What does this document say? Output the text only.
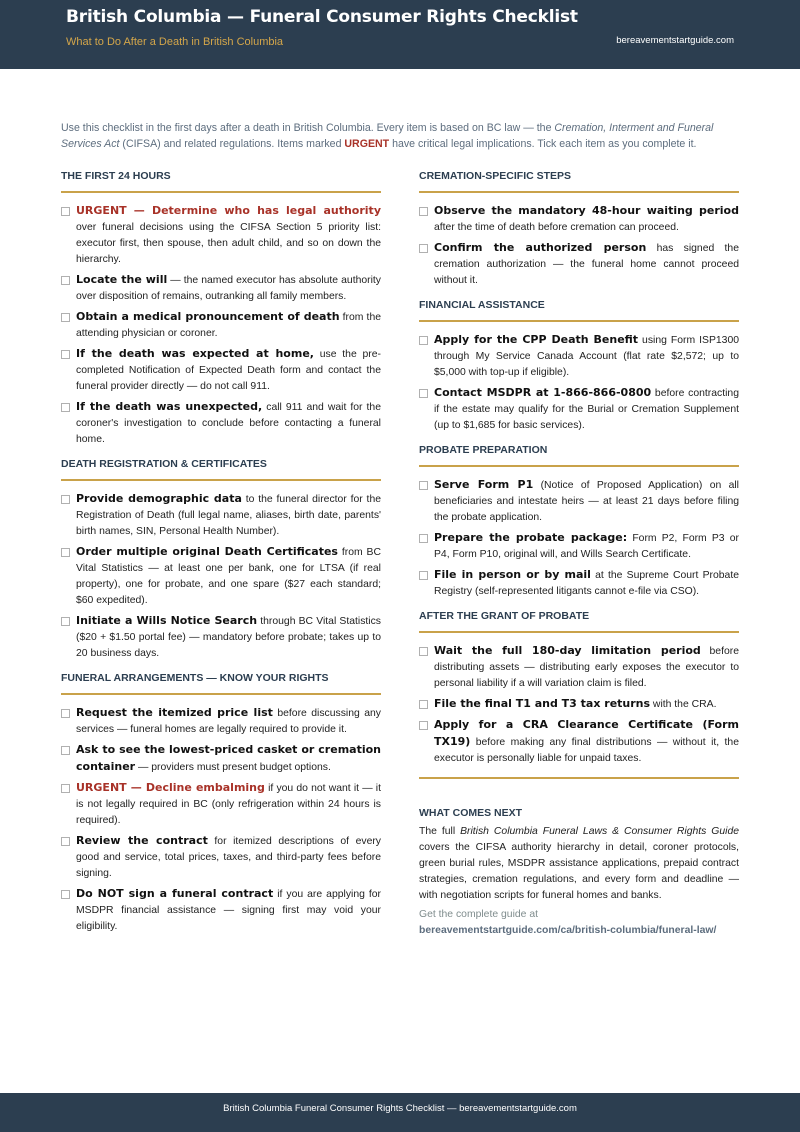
British Columbia — Funeral Consumer Rights Checklist
What to Do After a Death in British Columbia	bereavementstartguide.com
Use this checklist in the first days after a death in British Columbia. Every item is based on BC law — the Cremation, Interment and Funeral Services Act (CIFSA) and related regulations. Items marked URGENT have critical legal implications. Tick each item as you complete it.
THE FIRST 24 HOURS
URGENT — Determine who has legal authority over funeral decisions using the CIFSA Section 5 priority list: executor first, then spouse, then adult child, and so on down the hierarchy.
Locate the will — the named executor has absolute authority over disposition of remains, outranking all family members.
Obtain a medical pronouncement of death from the attending physician or coroner.
If the death was expected at home, use the pre-completed Notification of Expected Death form and contact the funeral provider directly — do not call 911.
If the death was unexpected, call 911 and wait for the coroner's investigation to conclude before contacting a funeral home.
DEATH REGISTRATION & CERTIFICATES
Provide demographic data to the funeral director for the Registration of Death (full legal name, aliases, birth date, parents' birth names, SIN, Personal Health Number).
Order multiple original Death Certificates from BC Vital Statistics — at least one per bank, one for LTSA (if real property), one for probate, and one spare ($27 each standard; $60 expedited).
Initiate a Wills Notice Search through BC Vital Statistics ($20 + $1.50 portal fee) — mandatory before probate; takes up to 20 business days.
FUNERAL ARRANGEMENTS — KNOW YOUR RIGHTS
Request the itemized price list before discussing any services — funeral homes are legally required to provide it.
Ask to see the lowest-priced casket or cremation container — providers must present budget options.
URGENT — Decline embalming if you do not want it — it is not legally required in BC (only refrigeration within 24 hours is required).
Review the contract for itemized descriptions of every good and service, total prices, taxes, and third-party fees before signing.
Do NOT sign a funeral contract if you are applying for MSDPR financial assistance — signing first may void your eligibility.
CREMATION-SPECIFIC STEPS
Observe the mandatory 48-hour waiting period after the time of death before cremation can proceed.
Confirm the authorized person has signed the cremation authorization — the funeral home cannot proceed without it.
FINANCIAL ASSISTANCE
Apply for the CPP Death Benefit using Form ISP1300 through My Service Canada Account (flat rate $2,572; up to $5,000 with top-up if eligible).
Contact MSDPR at 1-866-866-0800 before contracting if the estate may qualify for the Burial or Cremation Supplement (up to $1,685 for basic services).
PROBATE PREPARATION
Serve Form P1 (Notice of Proposed Application) on all beneficiaries and intestate heirs — at least 21 days before filing the probate application.
Prepare the probate package: Form P2, Form P3 or P4, Form P10, original will, and Wills Search Certificate.
File in person or by mail at the Supreme Court Probate Registry (self-represented litigants cannot e-file via CSO).
AFTER THE GRANT OF PROBATE
Wait the full 180-day limitation period before distributing assets — distributing early exposes the executor to personal liability if a will variation claim is filed.
File the final T1 and T3 tax returns with the CRA.
Apply for a CRA Clearance Certificate (Form TX19) before making any final distributions — without it, the executor is personally liable for unpaid taxes.
WHAT COMES NEXT
The full British Columbia Funeral Laws & Consumer Rights Guide covers the CIFSA authority hierarchy in detail, coroner protocols, green burial rules, MSDPR assistance applications, prepaid contract strategies, cremation regulations, and every form and deadline — with negotiation scripts for funeral homes and banks.
Get the complete guide at
bereavementstartguide.com/ca/british-columbia/funeral-law/
British Columbia Funeral Consumer Rights Checklist — bereavementstartguide.com
